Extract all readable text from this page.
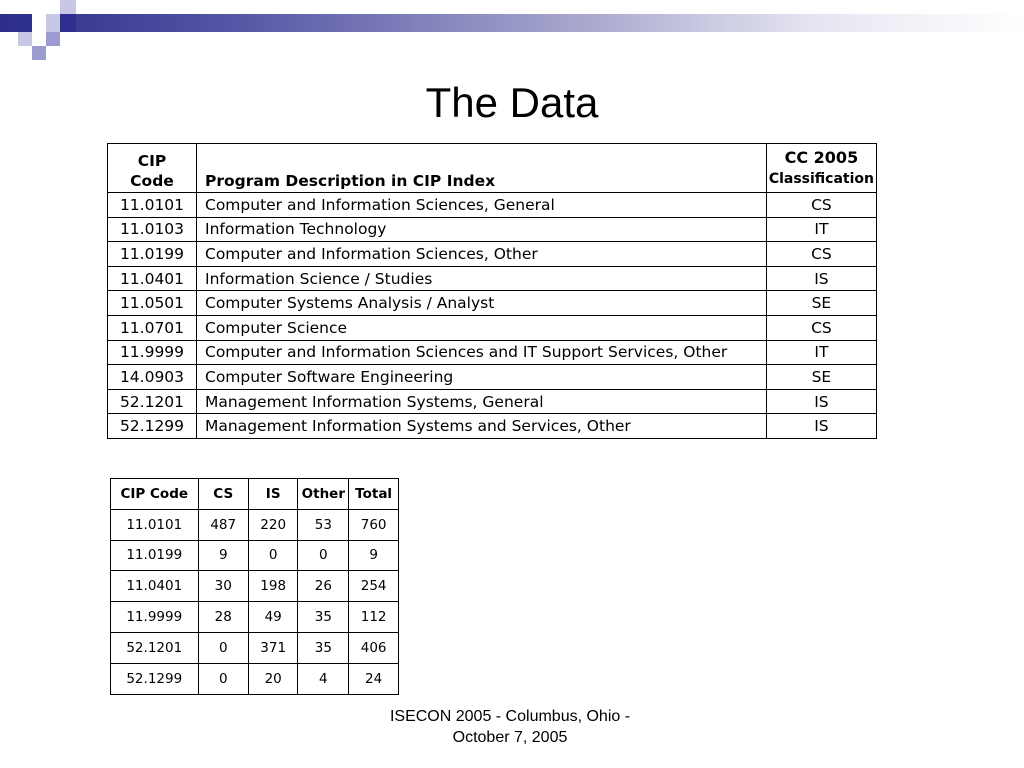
The Data
CIP
Code	Program Description in CIP Index	CC 2005
Classification

11.0101	Computer and Information Sciences, General	CS
11.0103	Information Technology	IT
11.0199	Computer and Information Sciences, Other	CS
11.0401	Information Science / Studies	IS
11.0501	Computer Systems Analysis / Analyst	SE
11.0701	Computer Science	CS
11.9999	Computer and Information Sciences and IT Support Services, Other	IT
14.0903	Computer Software Engineering	SE
52.1201	Management Information Systems, General	IS
52.1299	Management Information Systems and Services, Other	IS
CIP Code	CS	IS	Other	Total
11.0101	487	220	53	760
11.0199	9	0	0	9
11.0401	30	198	26	254
11.9999	28	49	35	112
52.1201	0	371	35	406
52.1299	0	20	4	24
ISECON 2005 - Columbus, Ohio -
October 7, 2005
